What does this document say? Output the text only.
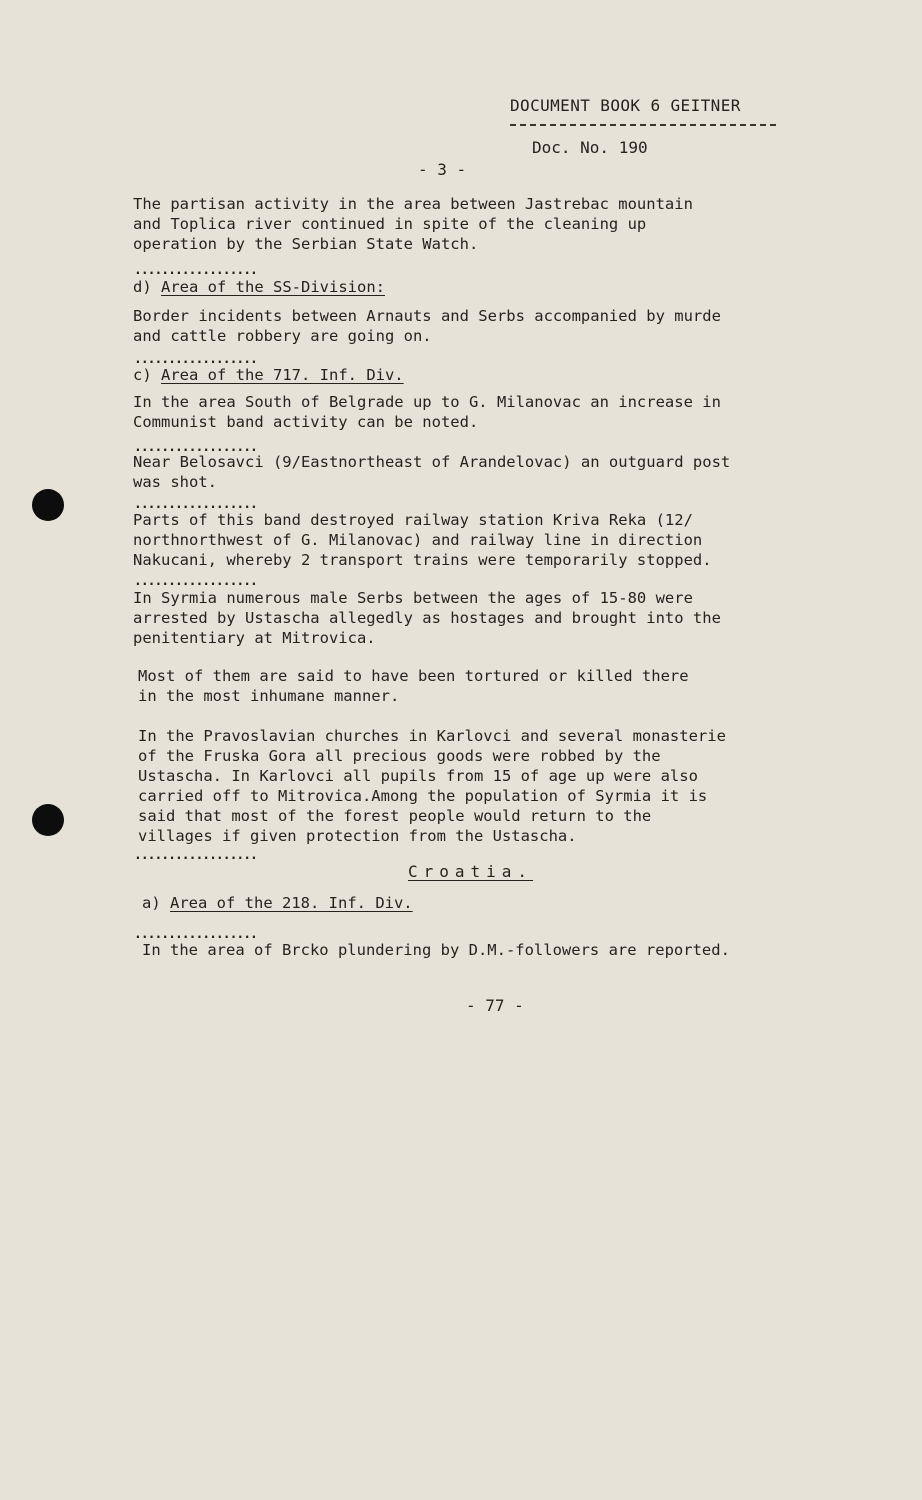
DOCUMENT BOOK 6 GEITNER
Doc. No. 190
- 3 -
The partisan activity in the area between Jastrebac mountain
and Toplica river continued in spite of the cleaning up
operation by the Serbian State Watch.
..................
d) Area of the SS-Division:
Border incidents between Arnauts and Serbs accompanied by murde
and cattle robbery are going on.
..................
c) Area of the 717. Inf. Div.
In the area South of Belgrade up to G. Milanovac an increase in
Communist band activity can be noted.
..................
Near Belosavci (9/Eastnortheast of Arandelovac) an outguard post
was shot.
..................
Parts of this band destroyed railway station Kriva Reka (12/
northnorthwest of G. Milanovac) and railway line in direction
Nakucani, whereby 2 transport trains were temporarily stopped.
..................
In Syrmia numerous male Serbs between the ages of 15-80 were
arrested by Ustascha allegedly as hostages and brought into the
penitentiary at Mitrovica.
Most of them are said to have been tortured or killed there
in the most inhumane manner.
In the Pravoslavian churches in Karlovci and several monasterie
of the Fruska Gora all precious goods were robbed by the
Ustascha. In Karlovci all pupils from 15 of age up were also
carried off to Mitrovica.Among the population of Syrmia it is
said that most of the forest people would return to the
villages if given protection from the Ustascha.
..................
Croatia.
a) Area of the 218. Inf. Div.
..................
In the area of Brcko plundering by D.M.-followers are reported.
- 77 -
